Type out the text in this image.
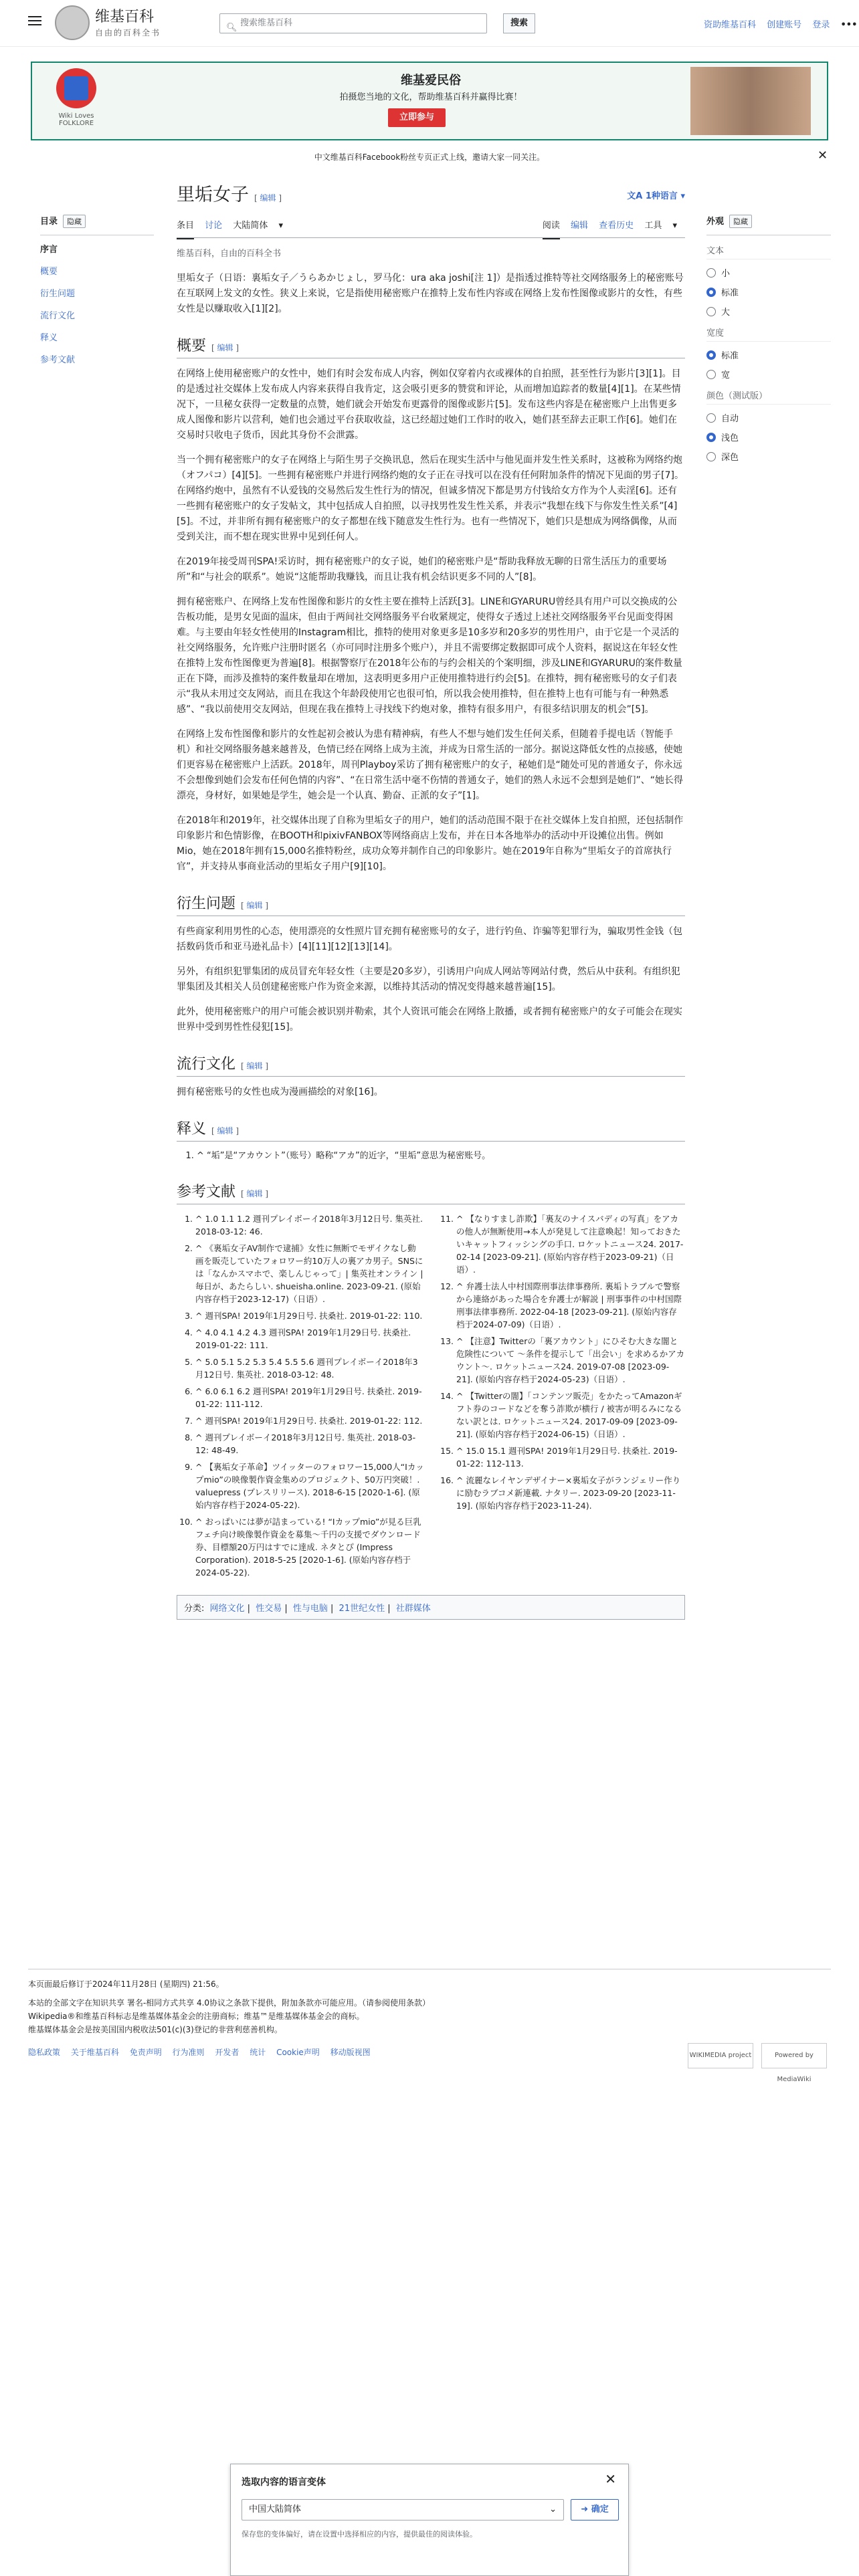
维基百科
自由的百科全书	🔍︎ 搜索维基百科	搜索	资助维基百科 创建账号 登录 •••
Wiki Loves FOLKLORE
维基爱民俗
拍摄您当地的文化，帮助维基百科并赢得比赛！
立即参与
中文维基百科Facebook粉丝专页正式上线，邀请大家一同关注。	✕
目录 隐藏
序言
概要
衍生问题
流行文化
释义
参考文献
里垢女子 [ 编辑 ]	文A 1种语言 ▾
条目 讨论 大陆简体 ▾	阅读 编辑 查看历史 工具 ▾
维基百科，自由的百科全书

里垢女子（日语：裏垢女子／うらあかじょし，罗马化：ura aka joshi[注 1]）是指透过推特等社交网络服务上的秘密账号在互联网上发文的女性。狭义上来说，它是指使用秘密账户在推特上发布性内容或在网络上发布性图像或影片的女性，有些女性是以赚取收入[1][2]。

概要 [ 编辑 ]

在网络上使用秘密账户的女性中，她们有时会发布成人内容，例如仅穿着内衣或裸体的自拍照，甚至性行为影片[3][1]。目的是透过社交媒体上发布成人内容来获得自我肯定，这会吸引更多的赞赏和评论，从而增加追踪者的数量[4][1]。在某些情况下，一旦秘女获得一定数量的点赞，她们就会开始发布更露骨的图像或影片[5]。发布这些内容是在秘密账户上出售更多成人图像和影片以营利，她们也会通过平台获取收益，这已经超过她们工作时的收入，她们甚至辞去正职工作[6]。她们在交易时只收电子货币，因此其身份不会泄露。

当一个拥有秘密账户的女子在网络上与陌生男子交换讯息，然后在现实生活中与他见面并发生性关系时，这被称为网络约炮（オフパコ）[4][5]。一些拥有秘密账户并进行网络约炮的女子正在寻找可以在没有任何附加条件的情况下见面的男子[7]。在网络约炮中，虽然有不认爱钱的交易然后发生性行为的情况，但诚多情况下都是男方付钱给女方作为个人卖淫[6]。还有一些拥有秘密账户的女子发帖文，其中包括成人自拍照，以寻找男性发生性关系，并表示“我想在线下与你发生性关系”[4][5]。不过，并非所有拥有秘密账户的女子都想在线下随意发生性行为。也有一些情况下，她们只是想成为网络偶像，从而受到关注，而不想在现实世界中见到任何人。

在2019年接受周刊SPA!采访时，拥有秘密账户的女子说，她们的秘密账户是“帮助我释放无聊的日常生活压力的重要场所”和“与社会的联系”。她说“这能帮助我赚钱，而且让我有机会结识更多不同的人”[8]。

拥有秘密账户、在网络上发布性图像和影片的女性主要在推特上活跃[3]。LINE和GYARURU曾经具有用户可以交换成的公告板功能，是男女见面的温床，但由于两间社交网络服务平台收紧规定，使得女子透过上述社交网络服务平台见面变得困难。与主要由年轻女性使用的Instagram相比，推特的使用对象更多是10多岁和20多岁的男性用户，由于它是一个灵活的社交网络服务，允许账户注册时匿名（亦可同时注册多个账户），并且不需要绑定数据即可成个人资料，据说这在年轻女性在推特上发布性图像更为普遍[8]。根据警察厅在2018年公布的与约会相关的个案明细，涉及LINE和GYARURU的案件数量正在下降，而涉及推特的案件数量却在增加，这表明更多用户正使用推特进行约会[5]。在推特，拥有秘密账号的女子们表示“我从未用过交友网站，而且在我这个年龄段使用它也很可怕，所以我会使用推特，但在推特上也有可能与有一种熟悉感”、“我以前使用交友网站，但现在我在推特上寻找线下约炮对象，推特有很多用户，有很多结识朋友的机会”[5]。

在网络上发布性图像和影片的女性起初会被认为患有精神病，有些人不想与她们发生任何关系，但随着手提电话（智能手机）和社交网络服务越来越普及，色情已经在网络上成为主流，并成为日常生活的一部分。据说这降低女性的点接感，使她们更容易在秘密账户上活跃。2018年，周刊Playboy采访了拥有秘密账户的女子，秘她们是“随处可见的普通女子，你永远不会想像到她们会发布任何色情的内容”、“在日常生活中毫不伤情的普通女子，她们的熟人永远不会想到是她们”、“她长得漂亮，身材好，如果她是学生，她会是一个认真、勤奋、正派的女子”[1]。

在2018年和2019年，社交媒体出现了自称为里垢女子的用户，她们的活动范围不限于在社交媒体上发自拍照，还包括制作印象影片和色情影像，在BOOTH和pixivFANBOX等网络商店上发布，并在日本各地举办的活动中开设摊位出售。例如Mio，她在2018年拥有15,000名推特粉丝，成功众筹并制作自己的印象影片。她在2019年自称为“里垢女子的首席执行官”，并支持从事商业活动的里垢女子用户[9][10]。

衍生问题 [ 编辑 ]

有些商家利用男性的心态，使用漂亮的女性照片冒充拥有秘密账号的女子，进行钓鱼、诈骗等犯罪行为，骗取男性金钱（包括数码货币和亚马逊礼品卡）[4][11][12][13][14]。

另外，有组织犯罪集团的成员冒充年轻女性（主要是20多岁），引诱用户向成人网站等网站付费，然后从中获利。有组织犯罪集团及其相关人员创建秘密账户作为资金来源，以维持其活动的情况变得越来越普遍[15]。

此外，使用秘密账户的用户可能会被识别并勒索，其个人资讯可能会在网络上散播，或者拥有秘密账户的女子可能会在现实世界中受到男性性侵犯[15]。

流行文化 [ 编辑 ]

拥有秘密账号的女性也成为漫画描绘的对象[16]。

释义 [ 编辑 ]
1. ^ “垢”是“アカウント”（账号）略称“アカ”的近字，“里垢”意思为秘密账号。
参考文献 [ 编辑 ]
1. ^ 1.0 1.1 1.2 週刊プレイボーイ2018年3月12日号. 集英社. 2018-03-12: 46.
2. ^ 《裏垢女子AV制作で逮捕》女性に無断でモザイクなし動画を販売していたフォロワー約10万人の裏アカ男子。SNSには「なんかスマホで、楽しんじゃって」| 集英社オンライン | 毎日が、あたらしい. shueisha.online. 2023-09-21. (原始内容存档于2023-12-17)（日语）.
3. ^ 週刊SPA! 2019年1月29日号. 扶桑社. 2019-01-22: 110.
4. ^ 4.0 4.1 4.2 4.3 週刊SPA! 2019年1月29日号. 扶桑社. 2019-01-22: 111.
5. ^ 5.0 5.1 5.2 5.3 5.4 5.5 5.6 週刊プレイボーイ2018年3月12日号. 集英社. 2018-03-12: 48.
6. ^ 6.0 6.1 6.2 週刊SPA! 2019年1月29日号. 扶桑社. 2019-01-22: 111-112.
7. ^ 週刊SPA! 2019年1月29日号. 扶桑社. 2019-01-22: 112.
8. ^ 週刊プレイボーイ2018年3月12日号. 集英社. 2018-03-12: 48-49.
9. ^ 【裏垢女子革命】ツイッターのフォロワー15,000人“Iカップmio”の映像製作資金集めのプロジェクト、50万円突破！. valuepress (プレスリリース). 2018-6-15 [2020-1-6]. (原始内容存档于2024-05-22).
10. ^ おっぱいには夢が詰まっている! “Iカップmio”が見る巨乳フェチ向け映像製作資金を募集〜千円の支援でダウンロード券、目標額20万円はすでに達成. ネタとぴ (Impress Corporation). 2018-5-25 [2020-1-6]. (原始内容存档于2024-05-22).
11. ^ 【なりすまし詐欺】「裏友のナイスバディの写真」をアカの他人が無断使用→本人が発見して注意喚起！知っておきたいキャットフィッシングの手口. ロケットニュース24. 2017-02-14 [2023-09-21]. (原始内容存档于2023-09-21)（日语）.
12. ^ 弁護士法人中村国際刑事法律事務所. 裏垢トラブルで警察から連絡があった場合を弁護士が解説 | 刑事事件の中村国際刑事法律事務所. 2022-04-18 [2023-09-21]. (原始内容存档于2024-07-09)（日语）.
13. ^ 【注意】Twitterの「裏アカウント」にひそむ大きな闇と危険性について 〜条件を提示して「出会い」を求めるかアカウント〜. ロケットニュース24. 2019-07-08 [2023-09-21]. (原始内容存档于2024-05-23)（日语）.
14. ^ 【Twitterの闇】「コンテンツ販売」をかたってAmazonギフト券のコードなどを奪う詐欺が横行 / 被害が明るみになるない訳とは. ロケットニュース24. 2017-09-09 [2023-09-21]. (原始内容存档于2024-06-15)（日语）.
15. ^ 15.0 15.1 週刊SPA! 2019年1月29日号. 扶桑社. 2019-01-22: 112-113.
16. ^ 流麗なレイヤンデザイナー×裏垢女子がランジェリー作りに励むラブコメ新連載. ナタリー. 2023-09-20 [2023-11-19]. (原始内容存档于2023-11-24).
分类: 网络文化 | 性交易 | 性与电脑 | 21世纪女性 | 社群媒体
外观 隐藏
文本
小
标准
大
宽度
标准
宽
颜色（测试版）
自动
浅色
深色
本页面最后修订于2024年11月28日 (星期四) 21:56。
本站的全部文字在知识共享 署名-相同方式共享 4.0协议之条款下提供，附加条款亦可能应用。（请参阅使用条款）
Wikipedia®和维基百科标志是维基媒体基金会的注册商标；维基™是维基媒体基金会的商标。
维基媒体基金会是按美国国内税收法501(c)(3)登记的非营利慈善机构。
隐私政策 关于维基百科 免责声明 行为准则 开发者 统计 Cookie声明 移动版视图	WIKIMEDIA project	Powered by MediaWiki
选取内容的语言变体	✕
中国大陆简体	⌄	➜ 确定
保存您的变体偏好，请在设置中选择相应的内容，提供最佳的阅读体验。
